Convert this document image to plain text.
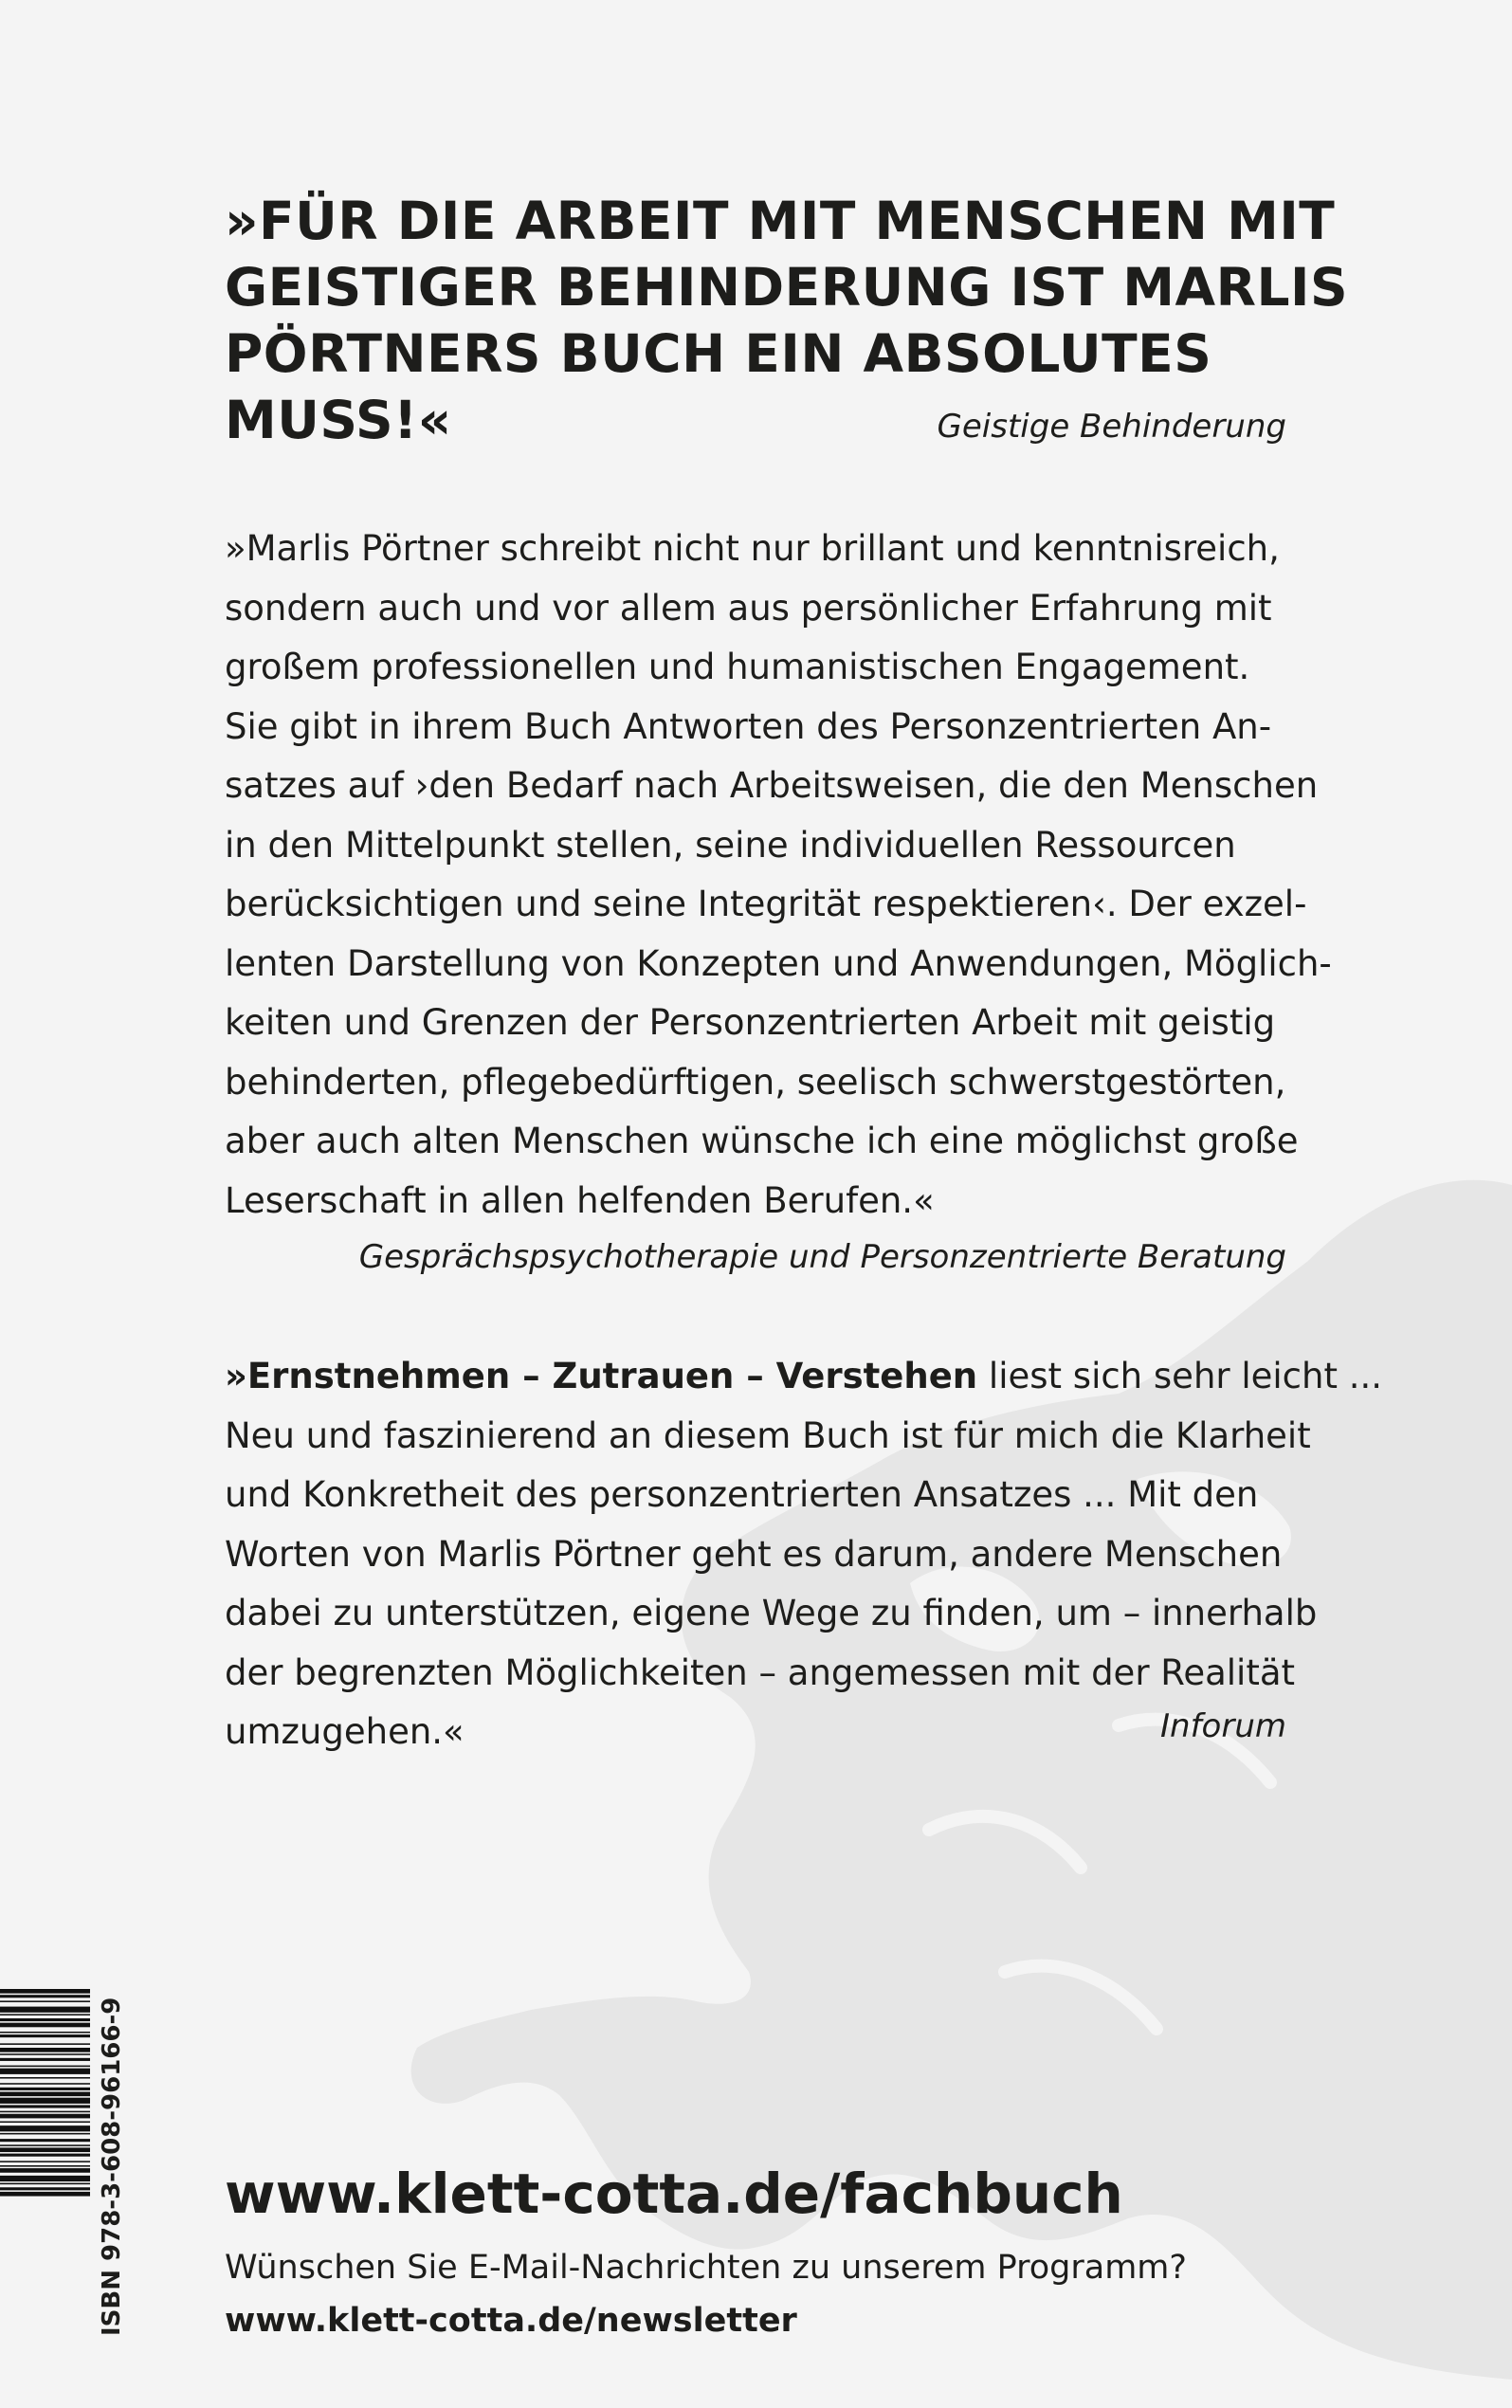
»FÜR DIE ARBEIT MIT MENSCHEN MIT
GEISTIGER BEHINDERUNG IST MARLIS
PÖRTNERS BUCH EIN ABSOLUTES
MUSS!«	Geistige Behinderung
»Marlis Pörtner schreibt nicht nur brillant und kenntnisreich,
sondern auch und vor allem aus persönlicher Erfahrung mit
großem professionellen und humanistischen Engagement.
Sie gibt in ihrem Buch Antworten des Personzentrierten An-
satzes auf ›den Bedarf nach Arbeitsweisen, die den Menschen
in den Mittelpunkt stellen, seine individuellen Ressourcen
berücksichtigen und seine Integrität respektieren‹. Der exzel-
lenten Darstellung von Konzepten und Anwendungen, Möglich-
keiten und Grenzen der Personzentrierten Arbeit mit geistig
behinderten, pflegebedürftigen, seelisch schwerstgestörten,
aber auch alten Menschen wünsche ich eine möglichst große
Leserschaft in allen helfenden Berufen.«
Gesprächspsychotherapie und Personzentrierte Beratung
»Ernstnehmen – Zutrauen – Verstehen liest sich sehr leicht ...
Neu und faszinierend an diesem Buch ist für mich die Klarheit
und Konkretheit des personzentrierten Ansatzes ... Mit den
Worten von Marlis Pörtner geht es darum, andere Menschen
dabei zu unterstützen, eigene Wege zu finden, um – innerhalb
der begrenzten Möglichkeiten – angemessen mit der Realität
umzugehen.«	Inforum
www.klett-cotta.de/fachbuch
Wünschen Sie E-Mail-Nachrichten zu unserem Programm?
www.klett-cotta.de/newsletter
ISBN 978-3-608-96166-9
